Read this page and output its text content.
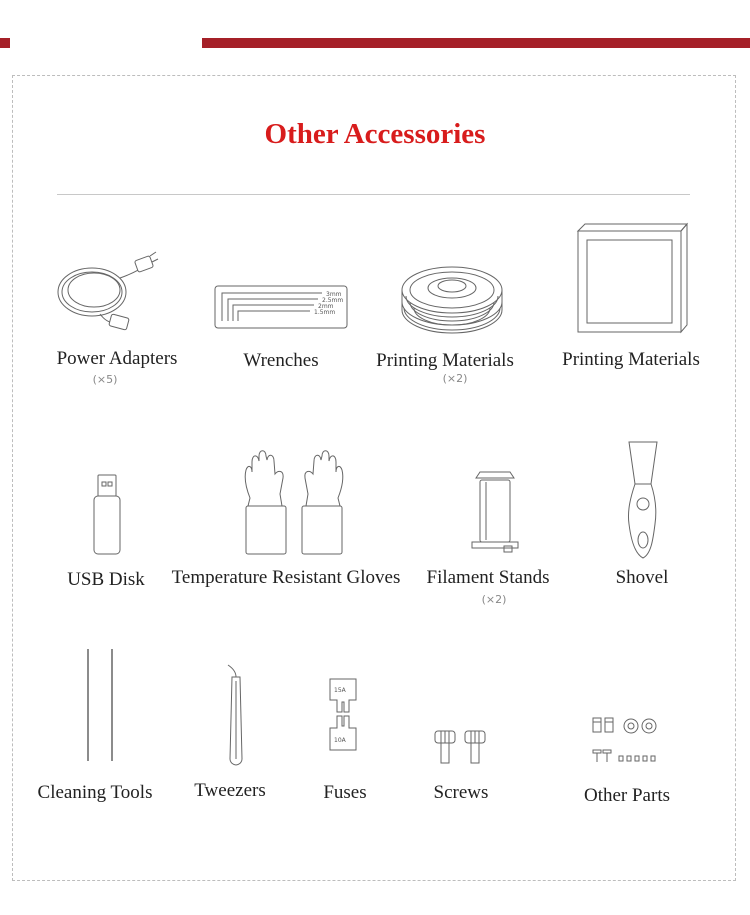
Other Accessories
Power Adapters
(×5)
3mm
2.5mm
2mm
1.5mm
Wrenches	Printing Materials
(×2)
Printing Materials
USB Disk	Temperature Resistant Gloves	Filament Stands
(×2)
Shovel
Cleaning Tools	Tweezers
15A
10A
Fuses	Screws	Other Parts
